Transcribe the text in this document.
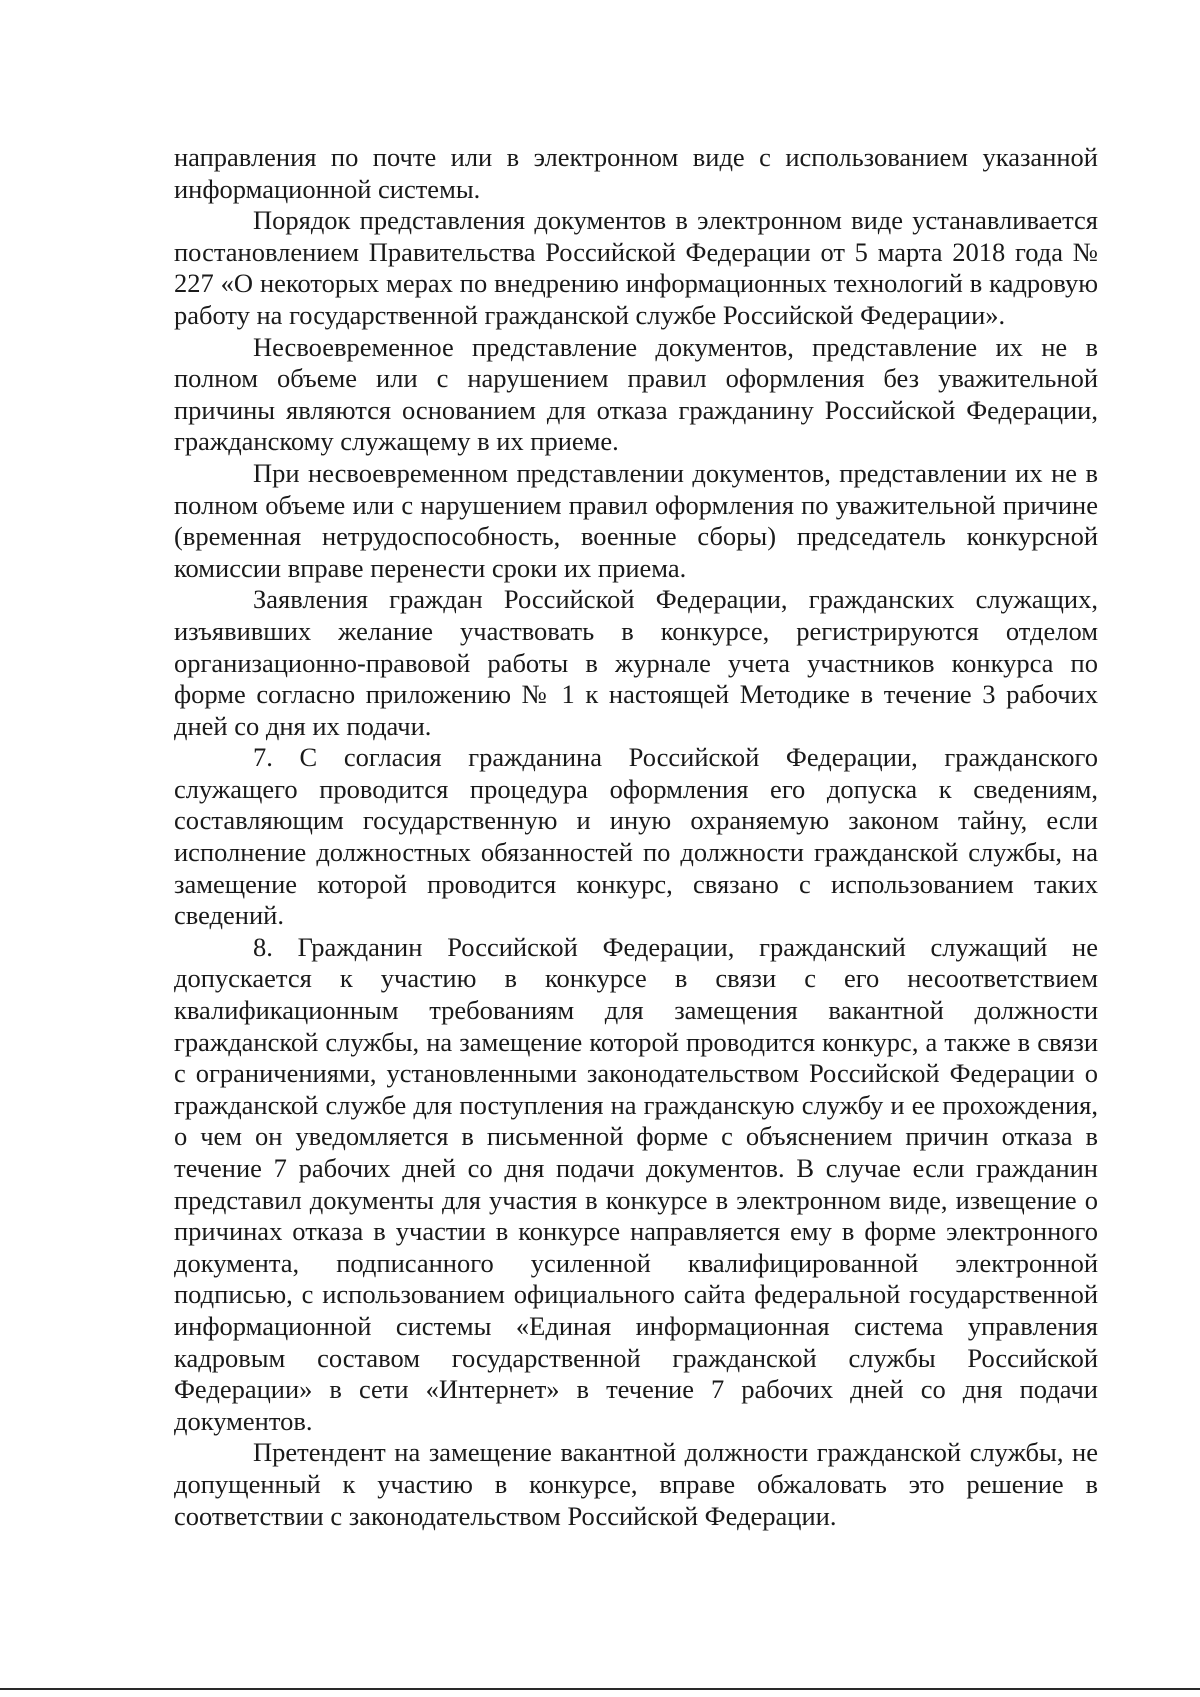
направления по почте или в электронном виде с использованием указанной информационной системы.

Порядок представления документов в электронном виде устанавливается постановлением Правительства Российской Федерации от 5 марта 2018 года № 227 «О некоторых мерах по внедрению информационных технологий в кадровую работу на государственной гражданской службе Российской Федерации».

Несвоевременное представление документов, представление их не в полном объеме или с нарушением правил оформления без уважительной причины являются основанием для отказа гражданину Российской Федерации, гражданскому служащему в их приеме.

При несвоевременном представлении документов, представлении их не в полном объеме или с нарушением правил оформления по уважительной причине (временная нетрудоспособность, военные сборы) председатель конкурсной комиссии вправе перенести сроки их приема.

Заявления граждан Российской Федерации, гражданских служащих, изъявивших желание участвовать в конкурсе, регистрируются отделом организационно-правовой работы в журнале учета участников конкурса по форме согласно приложению № 1 к настоящей Методике в течение 3 рабочих дней со дня их подачи.

7. С согласия гражданина Российской Федерации, гражданского служащего проводится процедура оформления его допуска к сведениям, составляющим государственную и иную охраняемую законом тайну, если исполнение должностных обязанностей по должности гражданской службы, на замещение которой проводится конкурс, связано с использованием таких сведений.

8. Гражданин Российской Федерации, гражданский служащий не допускается к участию в конкурсе в связи с его несоответствием квалификационным требованиям для замещения вакантной должности гражданской службы, на замещение которой проводится конкурс, а также в связи с ограничениями, установленными законодательством Российской Федерации о гражданской службе для поступления на гражданскую службу и ее прохождения, о чем он уведомляется в письменной форме с объяснением причин отказа в течение 7 рабочих дней со дня подачи документов. В случае если гражданин представил документы для участия в конкурсе в электронном виде, извещение о причинах отказа в участии в конкурсе направляется ему в форме электронного документа, подписанного усиленной квалифицированной электронной подписью, с использованием официального сайта федеральной государственной информационной системы «Единая информационная система управления кадровым составом государственной гражданской службы Российской Федерации» в сети «Интернет» в течение 7 рабочих дней со дня подачи документов.

Претендент на замещение вакантной должности гражданской службы, не допущенный к участию в конкурсе, вправе обжаловать это решение в соответствии с законодательством Российской Федерации.
